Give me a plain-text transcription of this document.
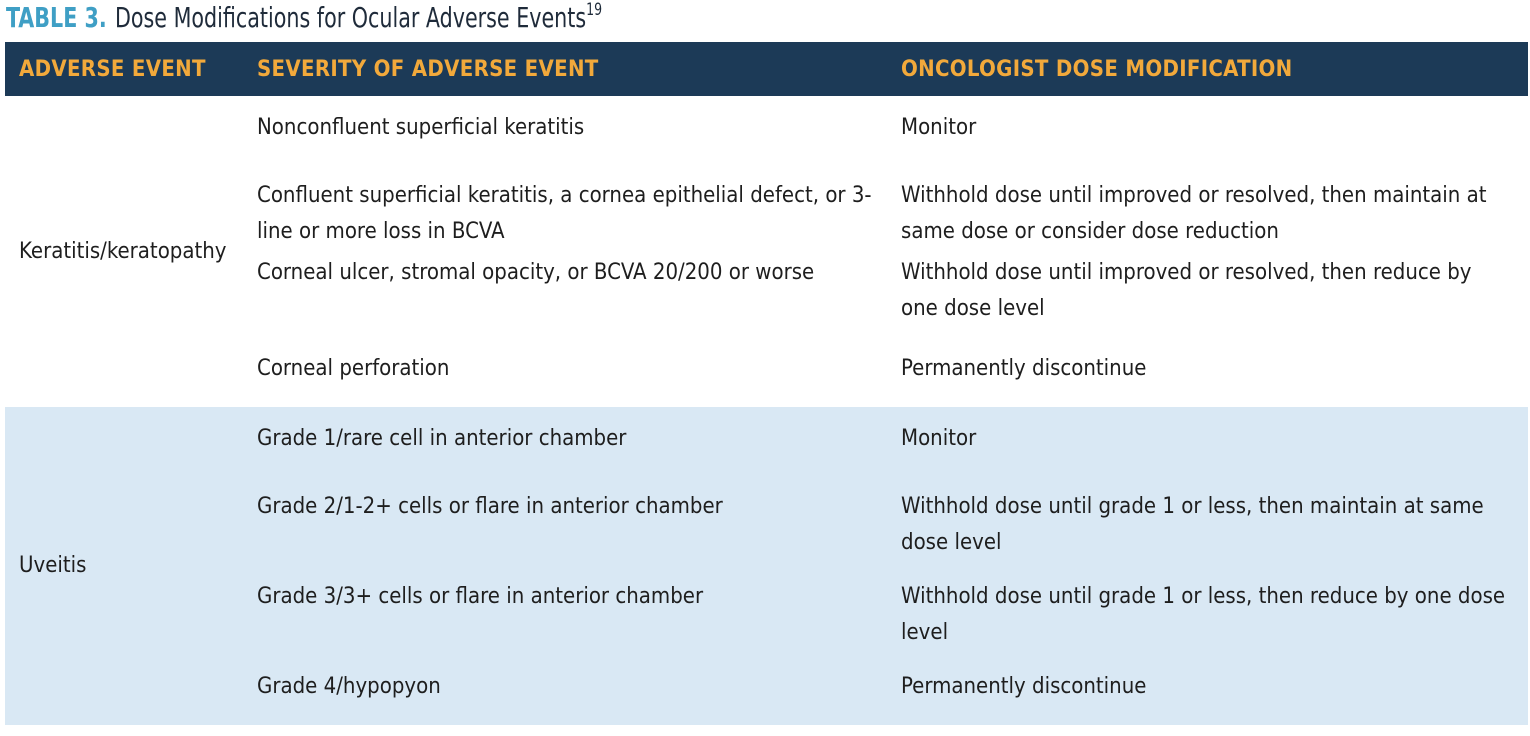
TABLE 3. Dose Modifications for Ocular Adverse Events$^{19}$
ADVERSE EVENT	SEVERITY OF ADVERSE EVENT	ONCOLOGIST DOSE MODIFICATION
Keratitis/keratopathy	Nonconfluent superficial keratitis	Monitor
	Confluent superficial keratitis, a cornea epithelial defect, or 3-line or more loss in BCVA	Withhold dose until improved or resolved, then maintain at same dose or consider dose reduction
	Corneal ulcer, stromal opacity, or BCVA 20/200 or worse	Withhold dose until improved or resolved, then reduce by one dose level
	Corneal perforation	Permanently discontinue
Uveitis	Grade 1/rare cell in anterior chamber	Monitor
	Grade 2/1-2+ cells or flare in anterior chamber	Withhold dose until grade 1 or less, then maintain at same dose level
	Grade 3/3+ cells or flare in anterior chamber	Withhold dose until grade 1 or less, then reduce by one dose level
	Grade 4/hypopyon	Permanently discontinue
